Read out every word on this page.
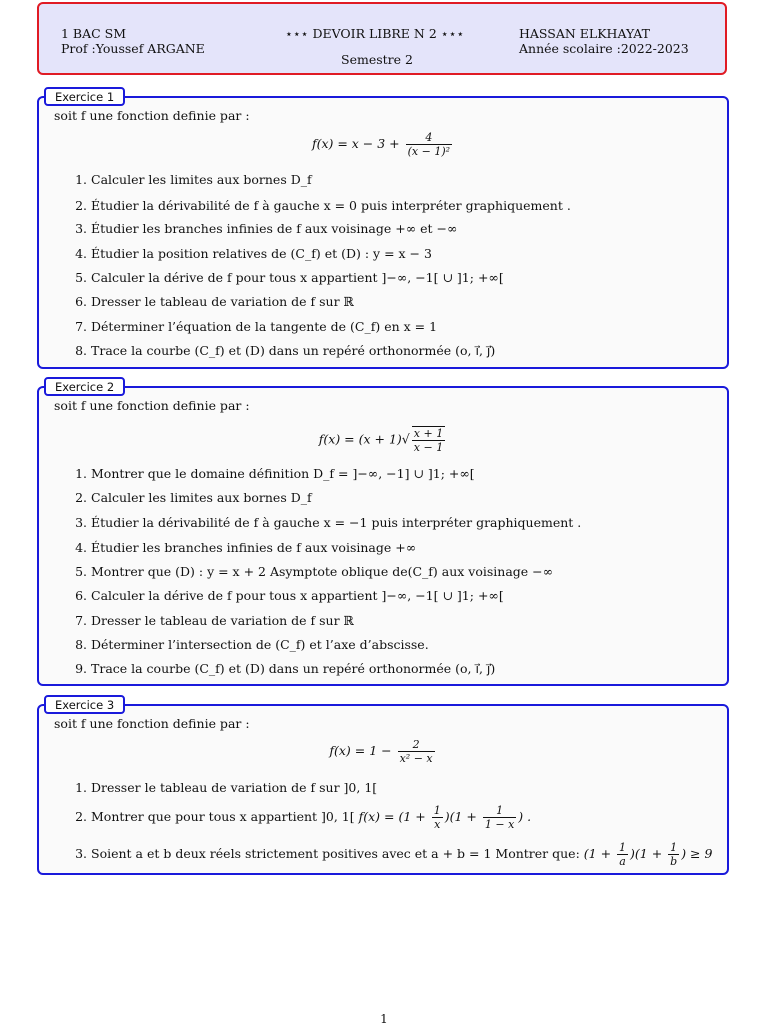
1 BAC SM
Prof :Youssef ARGANE
⋆⋆⋆ DEVOIR LIBRE N 2 ⋆⋆⋆
Semestre 2
HASSAN ELKHAYAT
Année scolaire :2022-2023
Exercice 1
soit f une fonction definie par :
$f(x) = x - 3 + \frac{4}{\text{(x − 1)²}}$
1. Calculer les limites aux bornes D_f
2. Étudier la dérivabilité de f à gauche x = 0 puis interpréter graphiquement .
3. Étudier les branches infinies de f aux voisinage +∞ et −∞
4. Étudier la position relatives de (C_f) et (D) : y = x − 3
5. Calculer la dérive de f pour tous x appartient ]−∞, −1[ ∪ ]1; +∞[
6. Dresser le tableau de variation de f sur ℝ
7. Déterminer l’équation de la tangente de (C_f) en x = 1
8. Trace la courbe (C_f) et (D) dans un repéré orthonormée (o, i⃗, j⃗)
Exercice 2
soit f une fonction definie par :
$f(x) = (x + 1)√ \frac{x + 1}{x - 1}$
1. Montrer que le domaine définition D_f = ]−∞, −1] ∪ ]1; +∞[
2. Calculer les limites aux bornes D_f
3. Étudier la dérivabilité de f à gauche x = −1 puis interpréter graphiquement .
4. Étudier les branches infinies de f aux voisinage +∞
5. Montrer que (D) : y = x + 2 Asymptote oblique de(C_f) aux voisinage −∞
6. Calculer la dérive de f pour tous x appartient ]−∞, −1[ ∪ ]1; +∞[
7. Dresser le tableau de variation de f sur ℝ
8. Déterminer l’intersection de (C_f) et l’axe d’abscisse.
9. Trace la courbe (C_f) et (D) dans un repéré orthonormée (o, i⃗, j⃗)
Exercice 3
soit f une fonction definie par :
$f(x) = 1 - \frac{2}{\text{x² − x}}$
1. Dresser le tableau de variation de f sur ]0, 1[
2. Montrer que pour tous x appartient ]0, 1[ $f(x) = (1 + \frac{1}{x} )(1 + \frac{1}{1 - x}$ ) .
3. Soient a et b deux réels strictement positives avec et a + b = 1 Montrer que: $(1 + \frac{1}{a} )(1 + \frac{1}{b}$ ) ≥ 9
1
